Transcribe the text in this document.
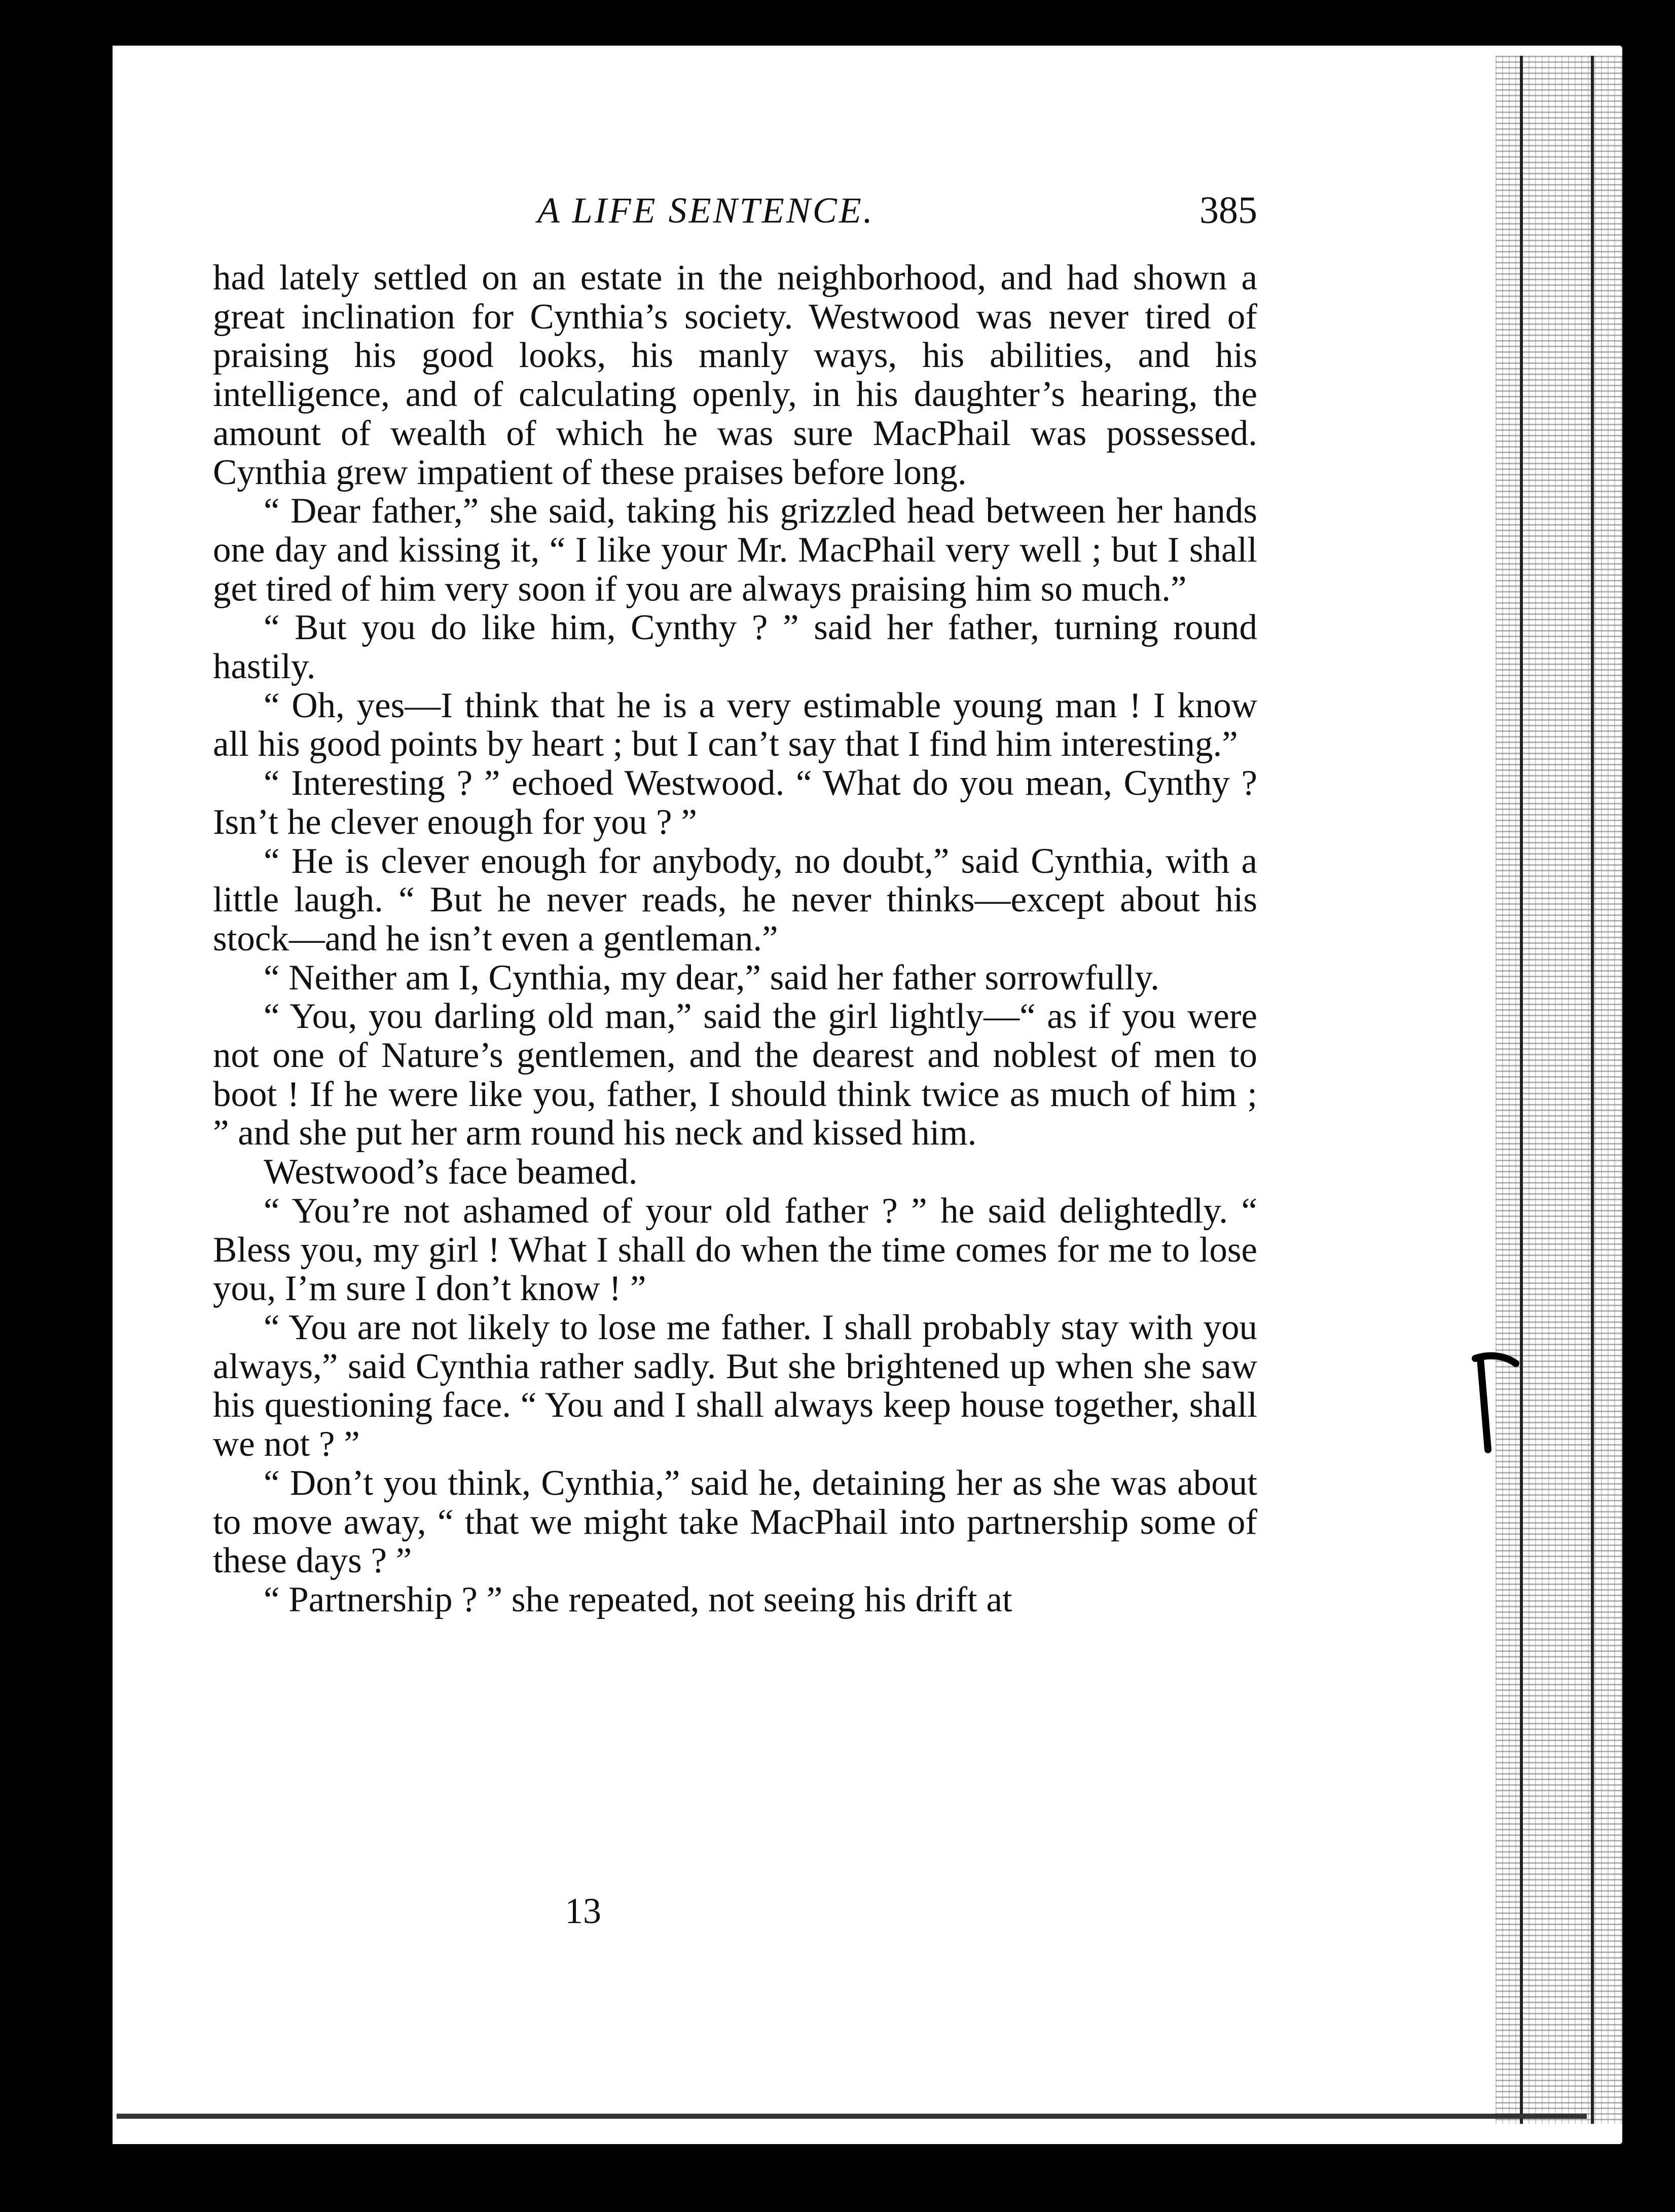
A LIFE SENTENCE.	385

had lately settled on an estate in the neighborhood, and had shown a great inclination for Cynthia’s society. Westwood was never tired of praising his good looks, his manly ways, his abilities, and his intelligence, and of calculating openly, in his daughter’s hearing, the amount of wealth of which he was sure MacPhail was possessed. Cynthia grew impatient of these praises before long.

“ Dear father,” she said, taking his grizzled head between her hands one day and kissing it, “ I like your Mr. MacPhail very well ; but I shall get tired of him very soon if you are always praising him so much.”

“ But you do like him, Cynthy ? ” said her father, turning round hastily.

“ Oh, yes—I think that he is a very estimable young man ! I know all his good points by heart ; but I can’t say that I find him interesting.”

“ Interesting ? ” echoed Westwood. “ What do you mean, Cynthy ? Isn’t he clever enough for you ? ”

“ He is clever enough for anybody, no doubt,” said Cynthia, with a little laugh. “ But he never reads, he never thinks—except about his stock—and he isn’t even a gentleman.”

“ Neither am I, Cynthia, my dear,” said her father sorrowfully.

“ You, you darling old man,” said the girl lightly—“ as if you were not one of Nature’s gentlemen, and the dearest and noblest of men to boot ! If he were like you, father, I should think twice as much of him ; ” and she put her arm round his neck and kissed him.

Westwood’s face beamed.

“ You’re not ashamed of your old father ? ” he said delightedly. “ Bless you, my girl ! What I shall do when the time comes for me to lose you, I’m sure I don’t know ! ”

“ You are not likely to lose me father. I shall probably stay with you always,” said Cynthia rather sadly. But she brightened up when she saw his questioning face. “ You and I shall always keep house together, shall we not ? ”

“ Don’t you think, Cynthia,” said he, detaining her as she was about to move away, “ that we might take MacPhail into partnership some of these days ? ”

“ Partnership ? ” she repeated, not seeing his drift at

13
